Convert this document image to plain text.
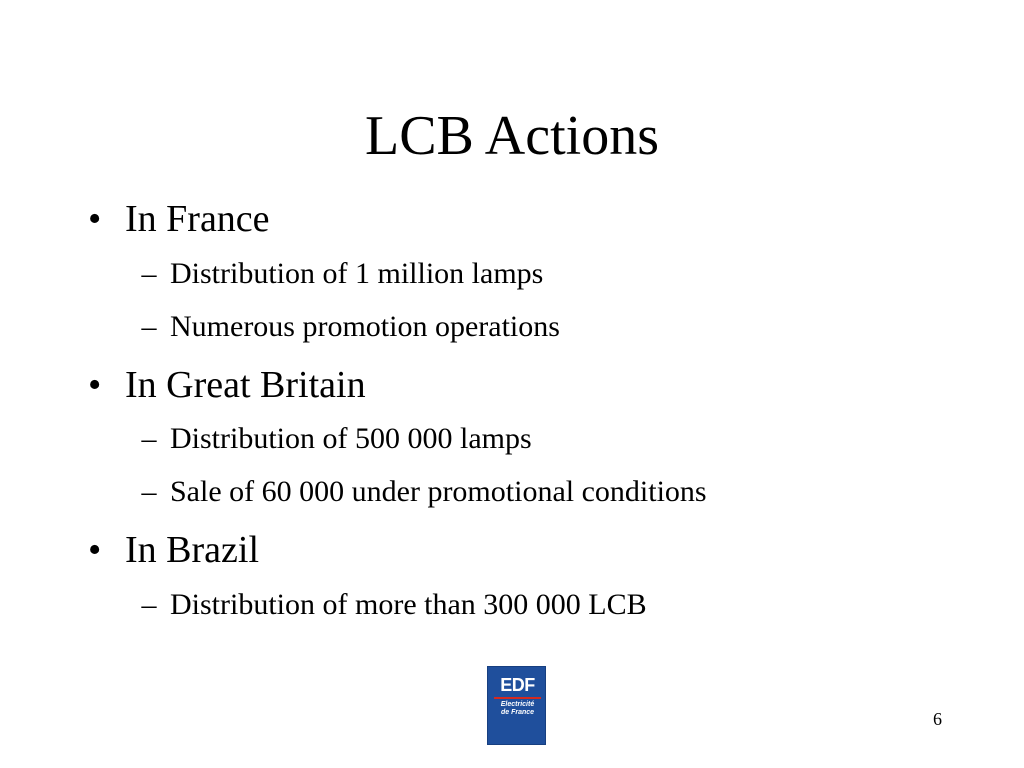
LCB Actions
• In France
– Distribution of 1 million lamps
– Numerous promotion operations
• In Great Britain
– Distribution of 500 000 lamps
– Sale of 60 000 under promotional conditions
• In Brazil
– Distribution of more than 300 000 LCB
EDF
Electricité
de France	6
